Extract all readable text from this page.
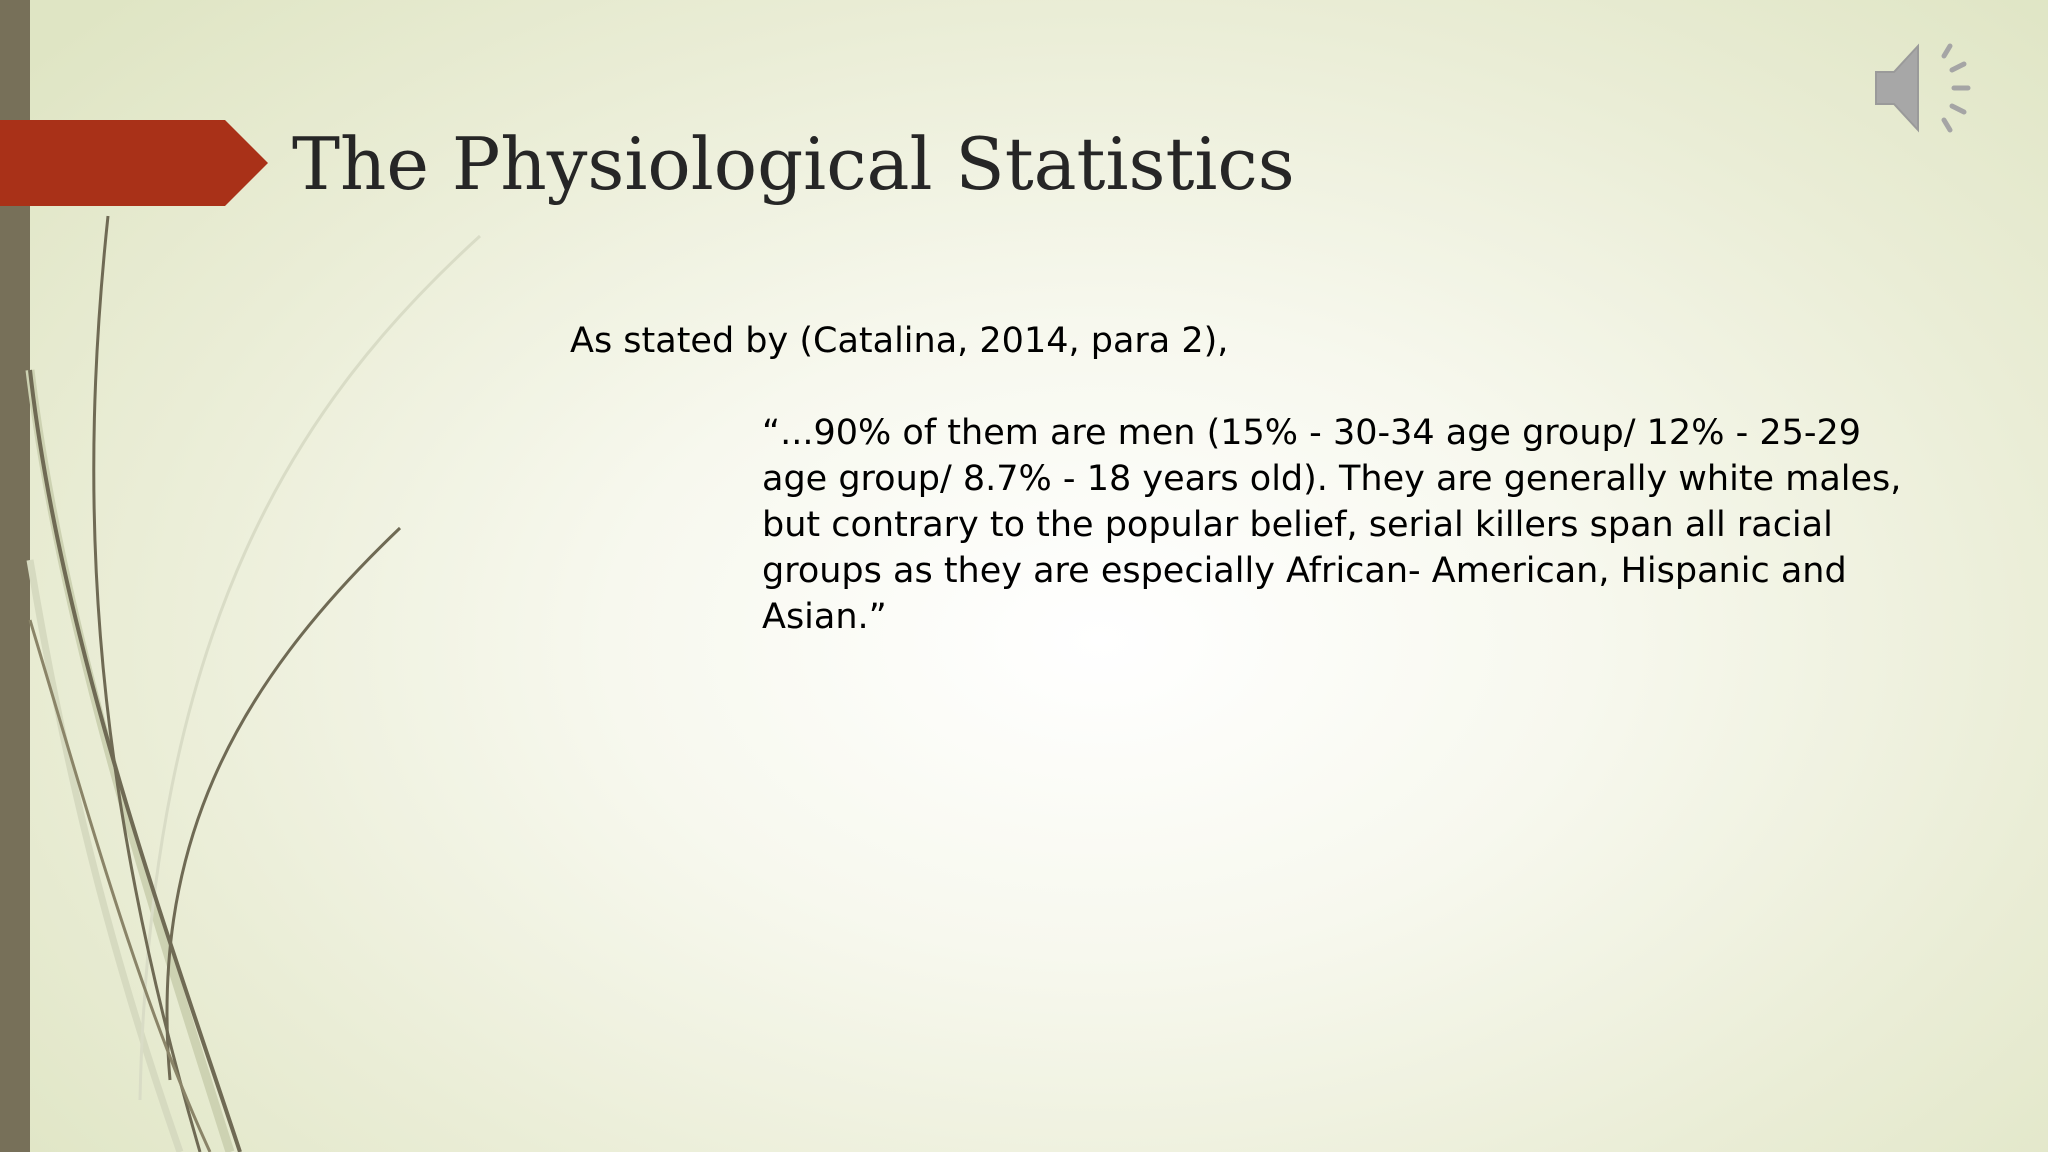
The Physiological Statistics

As stated by (Catalina, 2014, para 2),

“...90% of them are men (15% - 30-34 age group/ 12% - 25-29 age group/ 8.7% - 18 years old). They are generally white males, but contrary to the popular belief, serial killers span all racial groups as they are especially African- American, Hispanic and Asian.”
